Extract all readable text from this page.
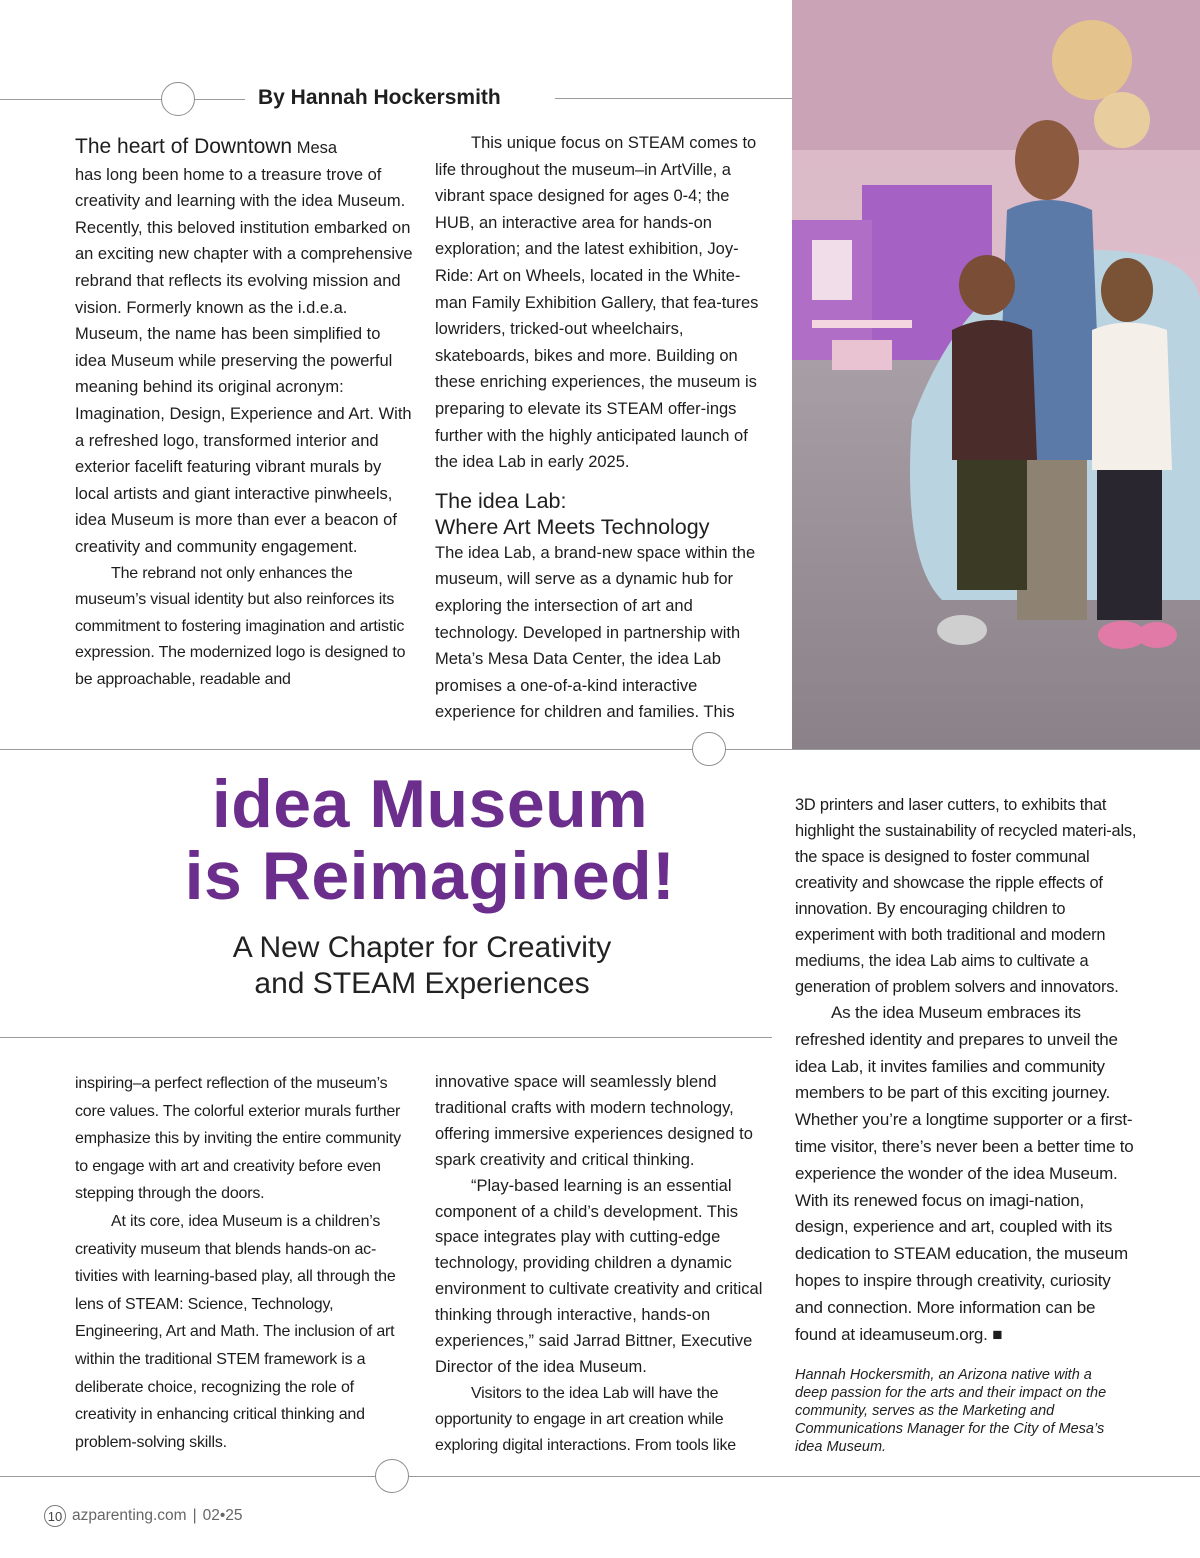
By Hannah Hockersmith

The heart of Downtown Mesa
has long been home to a treasure trove of creativity and learning with the idea Museum. Recently, this beloved institution embarked on an exciting new chapter with a comprehensive rebrand that reflects its evolving mission and vision. Formerly known as the i.d.e.a. Museum, the name has been simplified to idea Museum while preserving the powerful meaning behind its original acronym: Imagination, Design, Experience and Art. With a refreshed logo, transformed interior and exterior facelift featuring vibrant murals by local artists and giant interactive pinwheels, idea Museum is more than ever a beacon of creativity and community engagement.

The rebrand not only enhances the museum’s visual identity but also reinforces its commitment to fostering imagination and artistic expression. The modernized logo is designed to be approachable, readable and

This unique focus on STEAM comes to life throughout the museum–in ArtVille, a vibrant space designed for ages 0-4; the HUB, an interactive area for hands-on exploration; and the latest exhibition, Joy-Ride: Art on Wheels, located in the White-man Family Exhibition Gallery, that fea-tures lowriders, tricked-out wheelchairs, skateboards, bikes and more. Building on these enriching experiences, the museum is preparing to elevate its STEAM offer-ings further with the highly anticipated launch of the idea Lab in early 2025.

The idea Lab:

Where Art Meets Technology

The idea Lab, a brand-new space within the museum, will serve as a dynamic hub for exploring the intersection of art and technology. Developed in partnership with Meta’s Mesa Data Center, the idea Lab promises a one-of-a-kind interactive experience for children and families. This

idea Museum
is Reimagined!
A New Chapter for Creativity
and STEAM Experiences

3D printers and laser cutters, to exhibits that highlight the sustainability of recycled materi-als, the space is designed to foster communal creativity and showcase the ripple effects of innovation. By encouraging children to experiment with both traditional and modern mediums, the idea Lab aims to cultivate a generation of problem solvers and innovators.

As the idea Museum embraces its refreshed identity and prepares to unveil the idea Lab, it invites families and community members to be part of this exciting journey. Whether you’re a longtime supporter or a first-time visitor, there’s never been a better time to experience the wonder of the idea Museum. With its renewed focus on imagi-nation, design, experience and art, coupled with its dedication to STEAM education, the museum hopes to inspire through creativity, curiosity and connection. More information can be found at ideamuseum.org. ■

Hannah Hockersmith, an Arizona native with a deep passion for the arts and their impact on the community, serves as the Marketing and Communications Manager for the City of Mesa’s idea Museum.

inspiring–a perfect reflection of the museum’s core values. The colorful exterior murals further emphasize this by inviting the entire community to engage with art and creativity before even stepping through the doors.

At its core, idea Museum is a children’s creativity museum that blends hands-on ac-tivities with learning-based play, all through the lens of STEAM: Science, Technology, Engineering, Art and Math. The inclusion of art within the traditional STEM framework is a deliberate choice, recognizing the role of creativity in enhancing critical thinking and problem-solving skills.

innovative space will seamlessly blend traditional crafts with modern technology, offering immersive experiences designed to spark creativity and critical thinking.

“Play-based learning is an essential component of a child’s development. This space integrates play with cutting-edge technology, providing children a dynamic environment to cultivate creativity and critical thinking through interactive, hands-on experiences,” said Jarrad Bittner, Executive Director of the idea Museum.

Visitors to the idea Lab will have the opportunity to engage in art creation while exploring digital interactions. From tools like

10 azparenting.com | 02•25
